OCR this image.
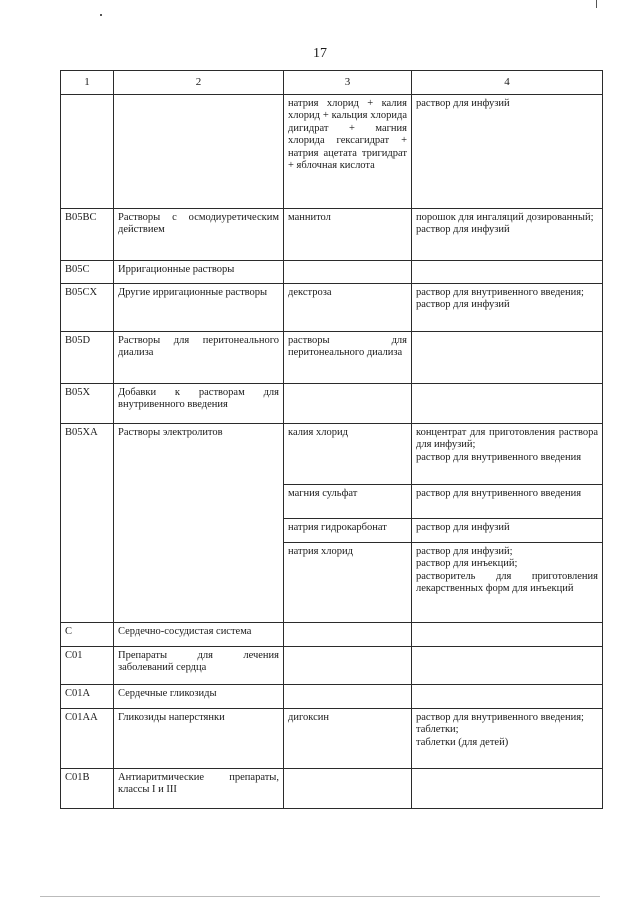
17
1	2	3	4
		натрия хлорид + калия хлорид + кальция хлорида дигидрат + магния хлорида гексагидрат + натрия ацетата тригидрат + яблочная кислота	раствор для инфузий
B05BC	Растворы с осмодиуретическим действием	маннитол	порошок для ингаляций дозированный;
раствор для инфузий
B05C	Ирригационные растворы		
B05CX	Другие ирригационные растворы	декстроза	раствор для внутривенного введения;
раствор для инфузий
B05D	Растворы для перитонеального диализа	растворы для перитонеального диализа	
B05X	Добавки к растворам для внутривенного введения		
B05XA	Растворы электролитов	калия хлорид	концентрат для приготовления раствора для инфузий;
раствор для внутривенного введения
		магния сульфат	раствор для внутривенного введения
		натрия гидрокарбонат	раствор для инфузий
		натрия хлорид	раствор для инфузий;
раствор для инъекций;
растворитель для приготовления лекарственных форм для инъекций
C	Сердечно-сосудистая система		
C01	Препараты для лечения заболеваний сердца		
C01A	Сердечные гликозиды		
C01AA	Гликозиды наперстянки	дигоксин	раствор для внутривенного введения;
таблетки;
таблетки (для детей)
C01B	Антиаритмические препараты, классы I и III		
